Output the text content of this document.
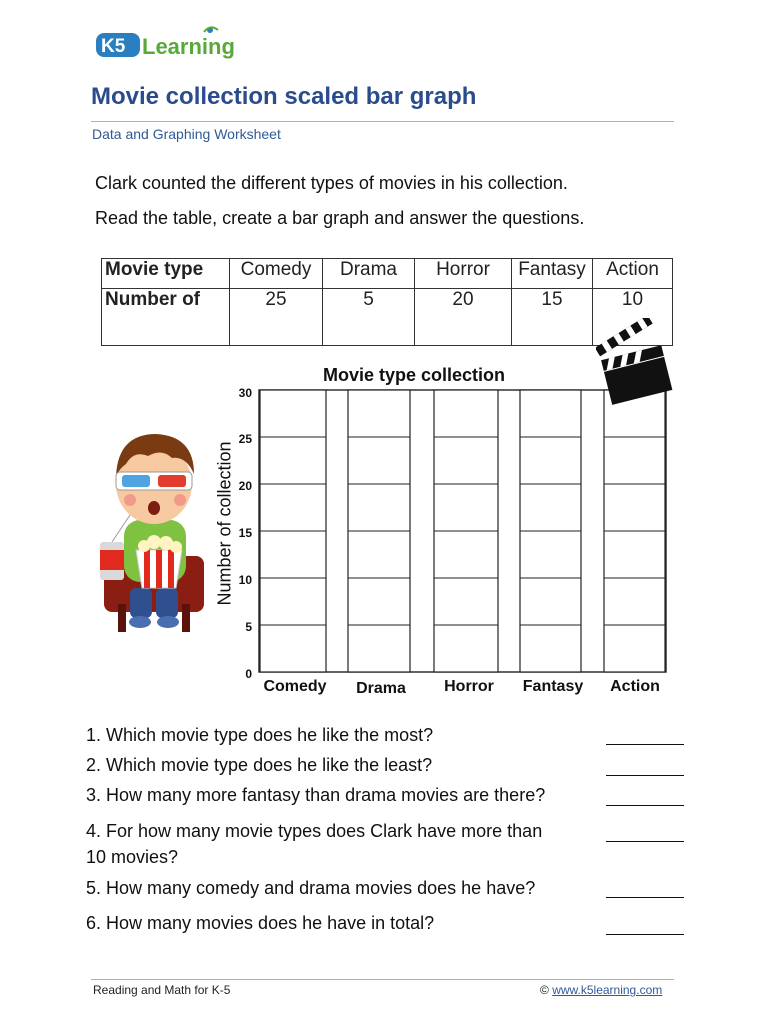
K5 Learning
Movie collection scaled bar graph
Data and Graphing Worksheet
Clark counted the different types of movies in his collection.
Read the table, create a bar graph and answer the questions.
Movie type	Comedy	Drama	Horror	Fantasy	Action
Number of	25	5	20	15	10
Movie type collection
Number of collection
30
25
20
15
10
5
0
Comedy	Drama	Horror	Fantasy	Action
1. Which movie type does he like the most?
2. Which movie type does he like the least?
3. How many more fantasy than drama movies are there?
4. For how many movie types does Clark have more than
10 movies?
5. How many comedy and drama movies does he have?
6. How many movies does he have in total?
Reading and Math for K-5	© www.k5learning.com
